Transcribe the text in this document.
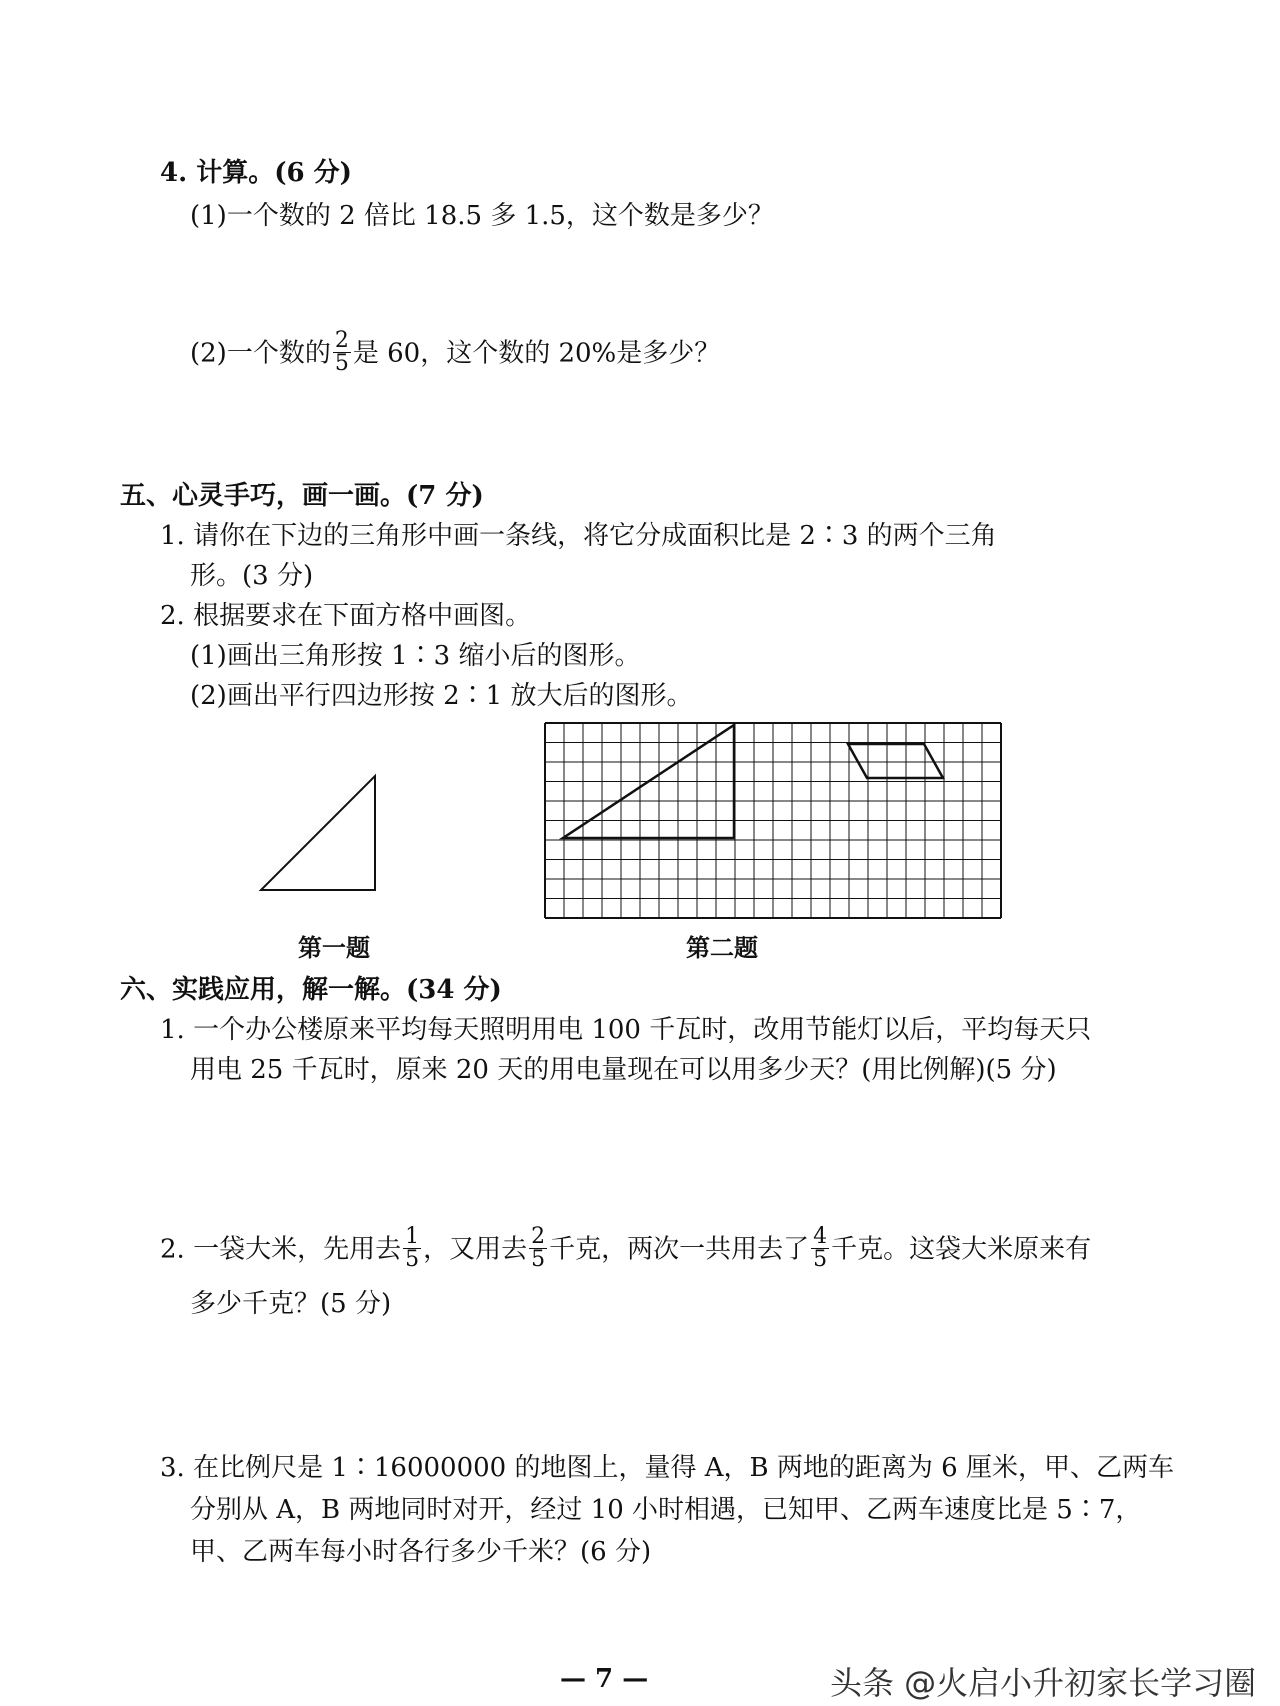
4. 计算。(6 分)
(1)一个数的 2 倍比 18.5 多 1.5，这个数是多少？
(2)一个数的 $\frac{2}{5}$ 是 60，这个数的 20%是多少？
五、心灵手巧，画一画。(7 分)
1. 请你在下边的三角形中画一条线，将它分成面积比是 2∶3 的两个三角
形。(3 分)
2. 根据要求在下面方格中画图。
(1)画出三角形按 1∶3 缩小后的图形。
(2)画出平行四边形按 2∶1 放大后的图形。
第一题	第二题
六、实践应用，解一解。(34 分)
1. 一个办公楼原来平均每天照明用电 100 千瓦时，改用节能灯以后，平均每天只
用电 25 千瓦时，原来 20 天的用电量现在可以用多少天？(用比例解)(5 分)
2. 一袋大米，先用去 $\frac{1}{5}$ ，又用去 $\frac{2}{5}$ 千克，两次一共用去了 $\frac{4}{5}$ 千克。这袋大米原来有
多少千克？(5 分)
3. 在比例尺是 1∶16000000 的地图上，量得 A，B 两地的距离为 6 厘米，甲、乙两车
分别从 A，B 两地同时对开，经过 10 小时相遇，已知甲、乙两车速度比是 5∶7，
甲、乙两车每小时各行多少千米？(6 分)
— 7 —	头条 @火启小升初家长学习圈
